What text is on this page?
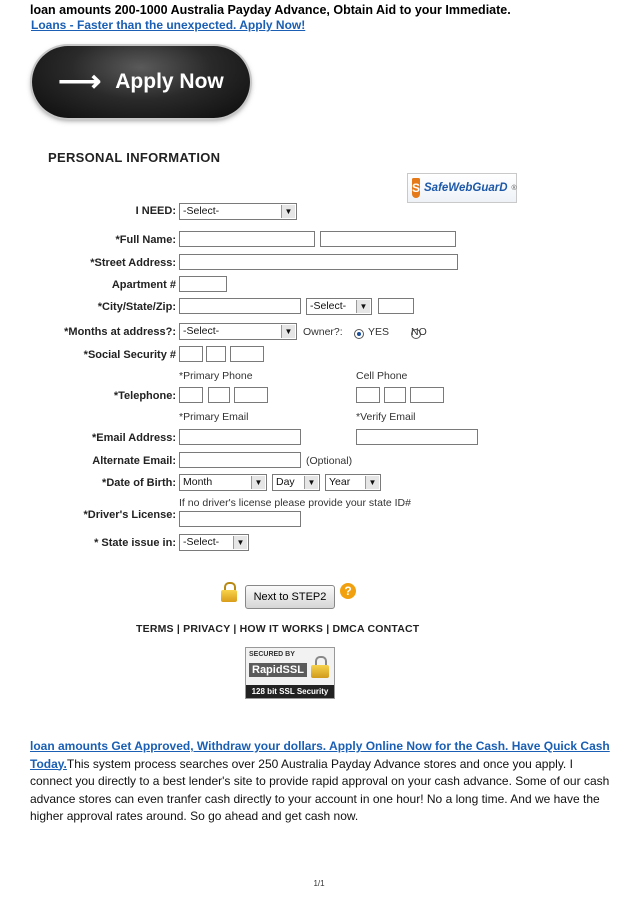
loan amounts 200-1000 Australia Payday Advance, Obtain Aid to your Immediate.
Loans - Faster than the unexpected. Apply Now!
⟶ Apply Now
PERSONAL INFORMATION
S SafeWebGuarD ®
I NEED: -Select-	▼
*Full Name:
*Street Address:
Apartment #
*City/State/Zip:	-Select-	▼
*Months at address?: -Select-	▼ Owner?:
YES NO
*Social Security #
*Primary Phone	Cell Phone
*Telephone:
*Primary Email	*Verify Email
*Email Address:
Alternate Email:	(Optional)
*Date of Birth: Month	▼	Day	▼	Year	▼
If no driver's license please provide your state ID#
*Driver's License:
* State issue in: -Select-	▼
Next to STEP2	?
TERMS | PRIVACY | HOW IT WORKS | DMCA CONTACT
SECURED BY
RapidSSL
128 bit SSL Security
loan amounts Get Approved, Withdraw your dollars. Apply Online Now for the Cash. Have Quick Cash Today.This system process searches over 250 Australia Payday Advance stores and once you apply. I connect you directly to a best lender's site to provide rapid approval on your cash advance. Some of our cash advance stores can even tranfer cash directly to your account in one hour! No a long time. And we have the higher approval rates around. So go ahead and get cash now.
1/1
